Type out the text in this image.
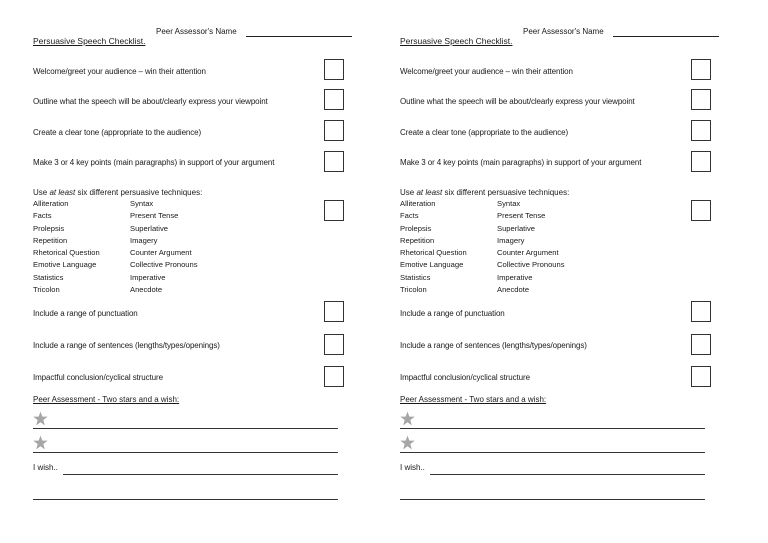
Peer Assessor's Name
Persuasive Speech Checklist.
Welcome/greet your audience – win their attention
Outline what the speech will be about/clearly express your viewpoint
Create a clear tone (appropriate to the audience)
Make 3 or 4 key points (main paragraphs) in support of your argument
Use at least six different persuasive techniques:
Alliteration
Facts
Prolepsis
Repetition
Rhetorical Question
Emotive Language
Statistics
Tricolon
Syntax
Present Tense
Superlative
Imagery
Counter Argument
Collective Pronouns
Imperative
Anecdote
Include a range of punctuation
Include a range of sentences (lengths/types/openings)
Impactful conclusion/cyclical structure
Peer Assessment - Two stars and a wish:
I wish..
Peer Assessor's Name
Persuasive Speech Checklist.
Welcome/greet your audience – win their attention
Outline what the speech will be about/clearly express your viewpoint
Create a clear tone (appropriate to the audience)
Make 3 or 4 key points (main paragraphs) in support of your argument
Use at least six different persuasive techniques:
Alliteration
Facts
Prolepsis
Repetition
Rhetorical Question
Emotive Language
Statistics
Tricolon
Syntax
Present Tense
Superlative
Imagery
Counter Argument
Collective Pronouns
Imperative
Anecdote
Include a range of punctuation
Include a range of sentences (lengths/types/openings)
Impactful conclusion/cyclical structure
Peer Assessment - Two stars and a wish:
I wish..
